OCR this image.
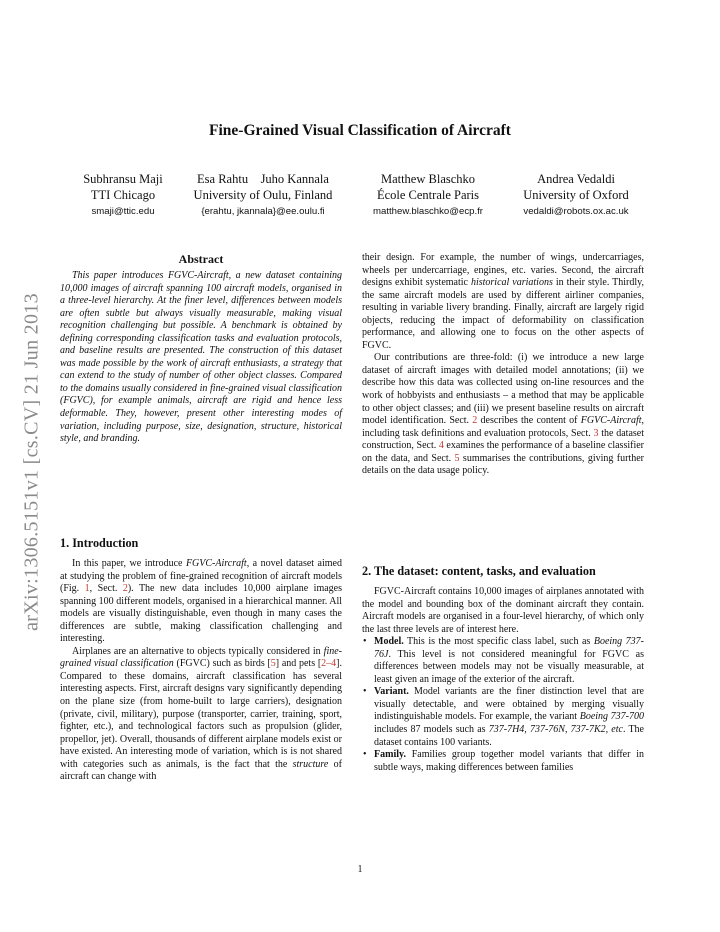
arXiv:1306.5151v1 [cs.CV] 21 Jun 2013
Fine-Grained Visual Classification of Aircraft
Subhransu Maji
TTI Chicago
smaji@ttic.edu
Esa Rahtu    Juho Kannala
University of Oulu, Finland
{erahtu, jkannala}@ee.oulu.fi
Matthew Blaschko
École Centrale Paris
matthew.blaschko@ecp.fr
Andrea Vedaldi
University of Oxford
vedaldi@robots.ox.ac.uk
Abstract
This paper introduces FGVC-Aircraft, a new dataset containing 10,000 images of aircraft spanning 100 aircraft models, organised in a three-level hierarchy. At the finer level, differences between models are often subtle but always visually measurable, making visual recognition challenging but possible. A benchmark is obtained by defining corresponding classification tasks and evaluation protocols, and baseline results are presented. The construction of this dataset was made possible by the work of aircraft enthusiasts, a strategy that can extend to the study of number of other object classes. Compared to the domains usually considered in fine-grained visual classification (FGVC), for example animals, aircraft are rigid and hence less deformable. They, however, present other interesting modes of variation, including purpose, size, designation, structure, historical style, and branding.
1. Introduction

In this paper, we introduce FGVC-Aircraft, a novel dataset aimed at studying the problem of fine-grained recognition of aircraft models (Fig. 1, Sect. 2). The new data includes 10,000 airplane images spanning 100 different models, organised in a hierarchical manner. All models are visually distinguishable, even though in many cases the differences are subtle, making classification challenging and interesting.

Airplanes are an alternative to objects typically considered in fine-grained visual classification (FGVC) such as birds [5] and pets [2–4]. Compared to these domains, aircraft classification has several interesting aspects. First, aircraft designs vary significantly depending on the plane size (from home-built to large carriers), designation (private, civil, military), purpose (transporter, carrier, training, sport, fighter, etc.), and technological factors such as propulsion (glider, propellor, jet). Overall, thousands of different airplane models exist or have existed. An interesting mode of variation, which is is not shared with categories such as animals, is the fact that the structure of aircraft can change with

their design. For example, the number of wings, undercarriages, wheels per undercarriage, engines, etc. varies. Second, the aircraft designs exhibit systematic historical variations in their style. Thirdly, the same aircraft models are used by different airliner companies, resulting in variable livery branding. Finally, aircraft are largely rigid objects, reducing the impact of deformability on classification performance, and allowing one to focus on the other aspects of FGVC.

Our contributions are three-fold: (i) we introduce a new large dataset of aircraft images with detailed model annotations; (ii) we describe how this data was collected using on-line resources and the work of hobbyists and enthusiasts – a method that may be applicable to other object classes; and (iii) we present baseline results on aircraft model identification. Sect. 2 describes the content of FGVC-Aircraft, including task definitions and evaluation protocols, Sect. 3 the dataset construction, Sect. 4 examines the performance of a baseline classifier on the data, and Sect. 5 summarises the contributions, giving further details on the data usage policy.

2. The dataset: content, tasks, and evaluation

FGVC-Aircraft contains 10,000 images of airplanes annotated with the model and bounding box of the dominant aircraft they contain. Aircraft models are organised in a four-level hierarchy, of which only the last three levels are of interest here.

• Model. This is the most specific class label, such as Boeing 737-76J. This level is not considered meaningful for FGVC as differences between models may not be visually measurable, at least given an image of the exterior of the aircraft.
• Variant. Model variants are the finer distinction level that are visually detectable, and were obtained by merging visually indistinguishable models. For example, the variant Boeing 737-700 includes 87 models such as 737-7H4, 737-76N, 737-7K2, etc. The dataset contains 100 variants.
• Family. Families group together model variants that differ in subtle ways, making differences between families
1
